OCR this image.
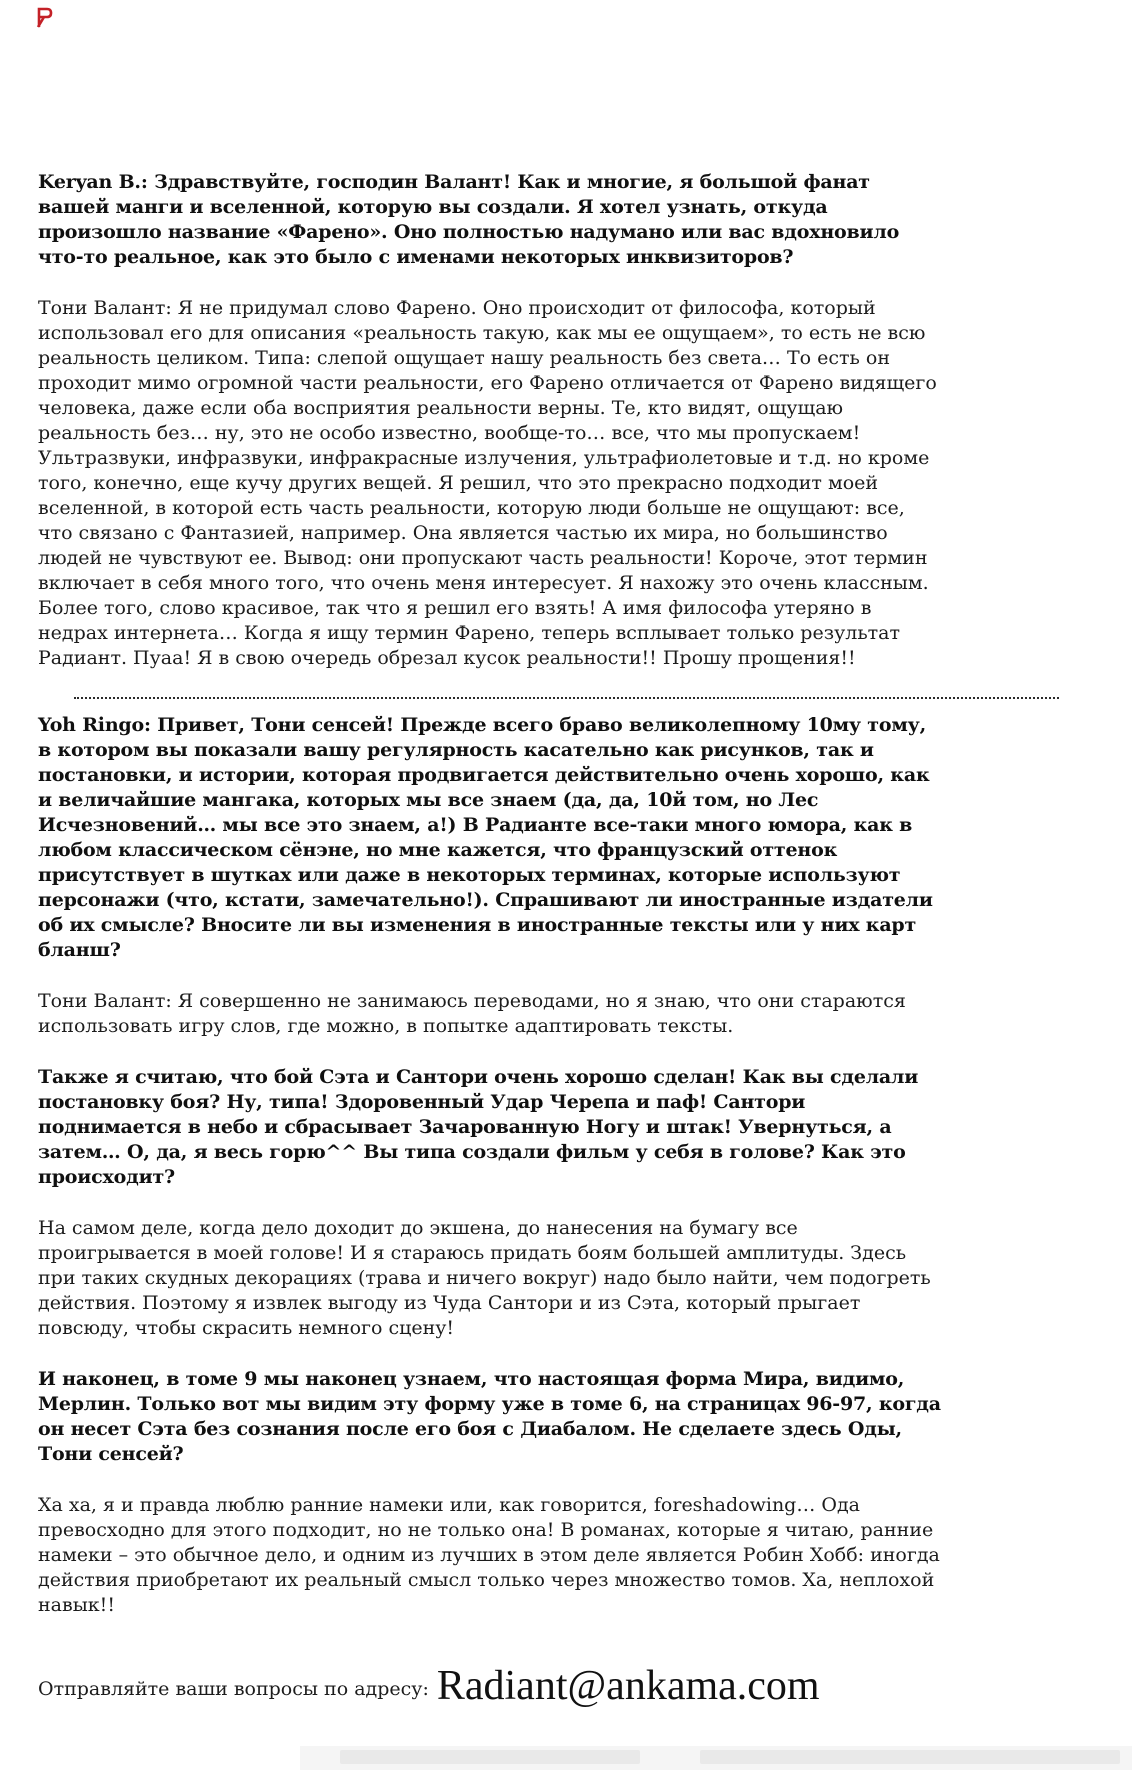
Keryan B.: Здравствуйте, господин Валант! Как и многие, я большой фанат вашей манги и вселенной, которую вы создали. Я хотел узнать, откуда произошло название «Фарено». Оно полностью надумано или вас вдохновило что-то реальное, как это было с именами некоторых инквизиторов?

Тони Валант: Я не придумал слово Фарено. Оно происходит от философа, который использовал его для описания «реальность такую, как мы ее ощущаем», то есть не всю реальность целиком. Типа: слепой ощущает нашу реальность без света… То есть он проходит мимо огромной части реальности, его Фарено отличается от Фарено видящего человека, даже если оба восприятия реальности верны. Те, кто видят, ощущаю реальность без… ну, это не особо известно, вообще-то… все, что мы пропускаем! Ультразвуки, инфразвуки, инфракрасные излучения, ультрафиолетовые и т.д. но кроме того, конечно, еще кучу других вещей. Я решил, что это прекрасно подходит моей вселенной, в которой есть часть реальности, которую люди больше не ощущают: все, что связано с Фантазией, например. Она является частью их мира, но большинство людей не чувствуют ее. Вывод: они пропускают часть реальности! Короче, этот термин включает в себя много того, что очень меня интересует. Я нахожу это очень классным. Более того, слово красивое, так что я решил его взять! А имя философа утеряно в недрах интернета… Когда я ищу термин Фарено, теперь всплывает только результат Радиант. Пуаа! Я в свою очередь обрезал кусок реальности!! Прошу прощения!!

Yoh Ringo: Привет, Тони сенсей! Прежде всего браво великолепному 10му тому, в котором вы показали вашу регулярность касательно как рисунков, так и постановки, и истории, которая продвигается действительно очень хорошо, как и величайшие мангака, которых мы все знаем (да, да, 10й том, но Лес Исчезновений… мы все это знаем, а!) В Радианте все-таки много юмора, как в любом классическом сёнэне, но мне кажется, что французский оттенок присутствует в шутках или даже в некоторых терминах, которые используют персонажи (что, кстати, замечательно!). Спрашивают ли иностранные издатели об их смысле? Вносите ли вы изменения в иностранные тексты или у них карт бланш?

Тони Валант: Я совершенно не занимаюсь переводами, но я знаю, что они стараются использовать игру слов, где можно, в попытке адаптировать тексты.

Также я считаю, что бой Сэта и Сантори очень хорошо сделан! Как вы сделали постановку боя? Ну, типа! Здоровенный Удар Черепа и паф! Сантори поднимается в небо и сбрасывает Зачарованную Ногу и штак! Увернуться, а затем… О, да, я весь горю^^ Вы типа создали фильм у себя в голове? Как это происходит?

На самом деле, когда дело доходит до экшена, до нанесения на бумагу все проигрывается в моей голове! И я стараюсь придать боям большей амплитуды. Здесь при таких скудных декорациях (трава и ничего вокруг) надо было найти, чем подогреть действия. Поэтому я извлек выгоду из Чуда Сантори и из Сэта, который прыгает повсюду, чтобы скрасить немного сцену!

И наконец, в томе 9 мы наконец узнаем, что настоящая форма Мира, видимо, Мерлин. Только вот мы видим эту форму уже в томе 6, на страницах 96-97, когда он несет Сэта без сознания после его боя с Диабалом. Не сделаете здесь Оды, Тони сенсей?

Ха ха, я и правда люблю ранние намеки или, как говорится, foreshadowing… Ода превосходно для этого подходит, но не только она! В романах, которые я читаю, ранние намеки – это обычное дело, и одним из лучших в этом деле является Робин Хобб: иногда действия приобретают их реальный смысл только через множество томов. Ха, неплохой навык!!

Отправляйте ваши вопросы по адресу: Radiant@ankama.com
